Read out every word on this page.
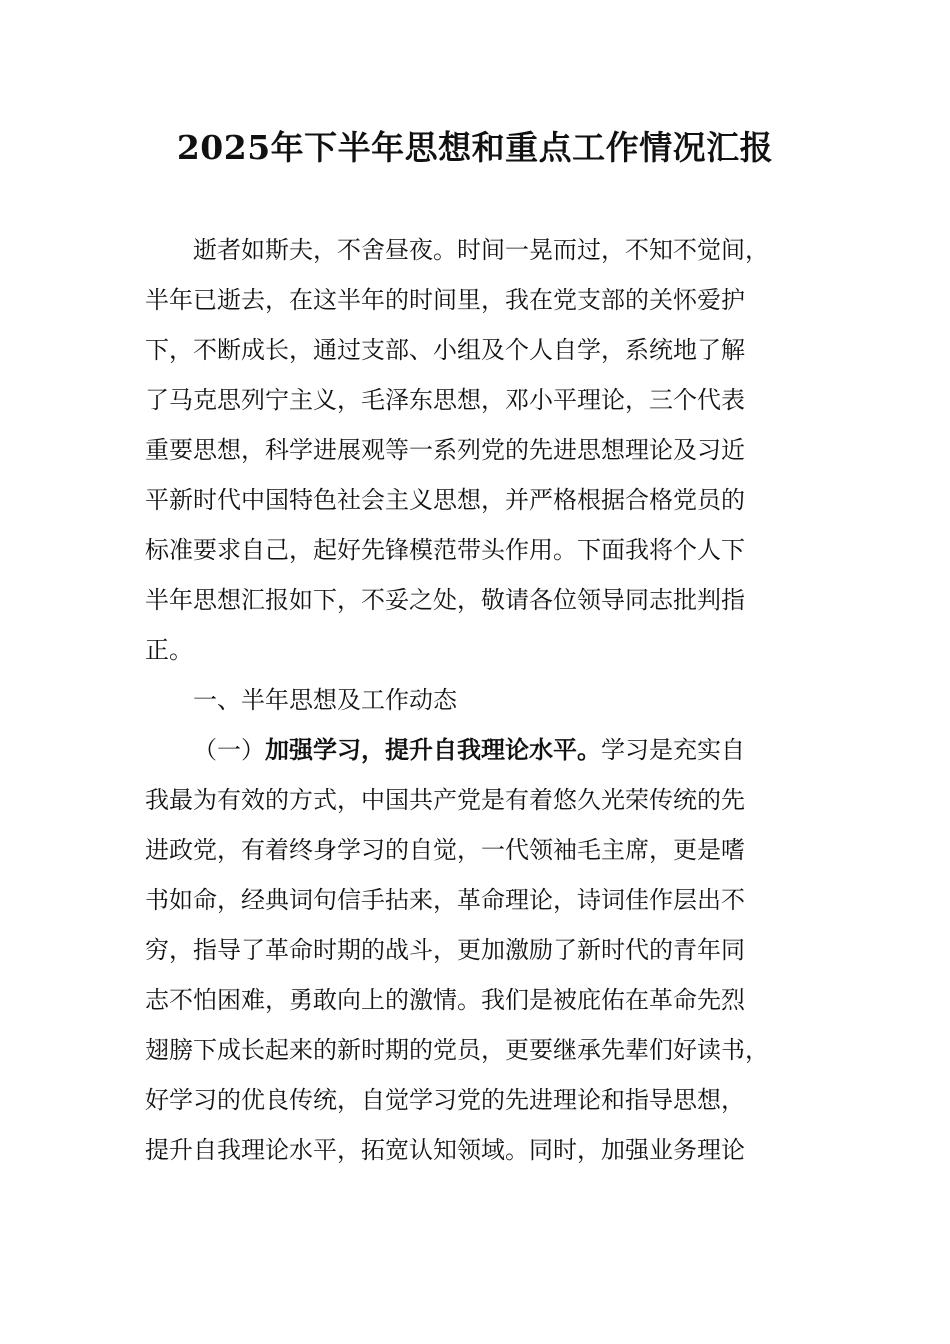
2025年下半年思想和重点工作情况汇报
逝者如斯夫，不舍昼夜。时间一晃而过，不知不觉间，
半年已逝去，在这半年的时间里，我在党支部的关怀爱护
下，不断成长，通过支部、小组及个人自学，系统地了解
了马克思列宁主义，毛泽东思想，邓小平理论，三个代表
重要思想，科学进展观等一系列党的先进思想理论及习近
平新时代中国特色社会主义思想，并严格根据合格党员的
标准要求自己，起好先锋模范带头作用。下面我将个人下
半年思想汇报如下，不妥之处，敬请各位领导同志批判指
正。
一、半年思想及工作动态
（一）加强学习，提升自我理论水平。学习是充实自
我最为有效的方式，中国共产党是有着悠久光荣传统的先
进政党，有着终身学习的自觉，一代领袖毛主席，更是嗜
书如命，经典词句信手拈来，革命理论，诗词佳作层出不
穷，指导了革命时期的战斗，更加激励了新时代的青年同
志不怕困难，勇敢向上的激情。我们是被庇佑在革命先烈
翅膀下成长起来的新时期的党员，更要继承先辈们好读书，
好学习的优良传统，自觉学习党的先进理论和指导思想，
提升自我理论水平，拓宽认知领域。同时，加强业务理论
